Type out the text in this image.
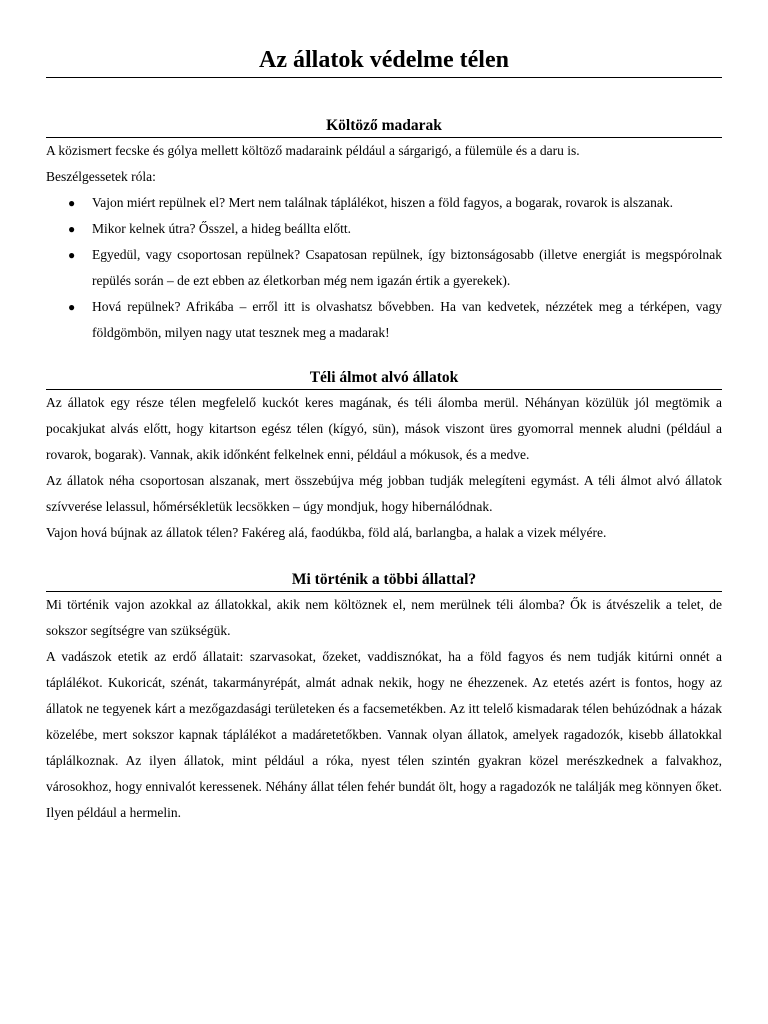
Az állatok védelme télen
Költöző madarak

A közismert fecske és gólya mellett költöző madaraink például a sárgarigó, a fülemüle és a daru is.

Beszélgessetek róla:

● Vajon miért repülnek el? Mert nem találnak táplálékot, hiszen a föld fagyos, a bogarak, rovarok is alszanak.
● Mikor kelnek útra? Ősszel, a hideg beállta előtt.
● Egyedül, vagy csoportosan repülnek? Csapatosan repülnek, így biztonságosabb (illetve energiát is megspórolnak repülés során – de ezt ebben az életkorban még nem igazán értik a gyerekek).
● Hová repülnek? Afrikába – erről itt is olvashatsz bővebben. Ha van kedvetek, nézzétek meg a térképen, vagy földgömbön, milyen nagy utat tesznek meg a madarak!
Téli álmot alvó állatok

Az állatok egy része télen megfelelő kuckót keres magának, és téli álomba merül. Néhányan közülük jól megtömik a pocakjukat alvás előtt, hogy kitartson egész télen (kígyó, sün), mások viszont üres gyomorral mennek aludni (például a rovarok, bogarak). Vannak, akik időnként felkelnek enni, például a mókusok, és a medve.

Az állatok néha csoportosan alszanak, mert összebújva még jobban tudják melegíteni egymást. A téli álmot alvó állatok szívverése lelassul, hőmérsékletük lecsökken – úgy mondjuk, hogy hibernálódnak.

Vajon hová bújnak az állatok télen? Fakéreg alá, faodúkba, föld alá, barlangba, a halak a vizek mélyére.

Mi történik a többi állattal?

Mi történik vajon azokkal az állatokkal, akik nem költöznek el, nem merülnek téli álomba? Ők is átvészelik a telet, de sokszor segítségre van szükségük.

A vadászok etetik az erdő állatait: szarvasokat, őzeket, vaddisznókat, ha a föld fagyos és nem tudják kitúrni onnét a táplálékot. Kukoricát, szénát, takarmányrépát, almát adnak nekik, hogy ne éhezzenek. Az etetés azért is fontos, hogy az állatok ne tegyenek kárt a mezőgazdasági területeken és a facsemetékben. Az itt telelő kismadarak télen behúzódnak a házak közelébe, mert sokszor kapnak táplálékot a madáretetőkben. Vannak olyan állatok, amelyek ragadozók, kisebb állatokkal táplálkoznak. Az ilyen állatok, mint például a róka, nyest télen szintén gyakran közel merészkednek a falvakhoz, városokhoz, hogy ennivalót keressenek. Néhány állat télen fehér bundát ölt, hogy a ragadozók ne találják meg könnyen őket. Ilyen például a hermelin.
